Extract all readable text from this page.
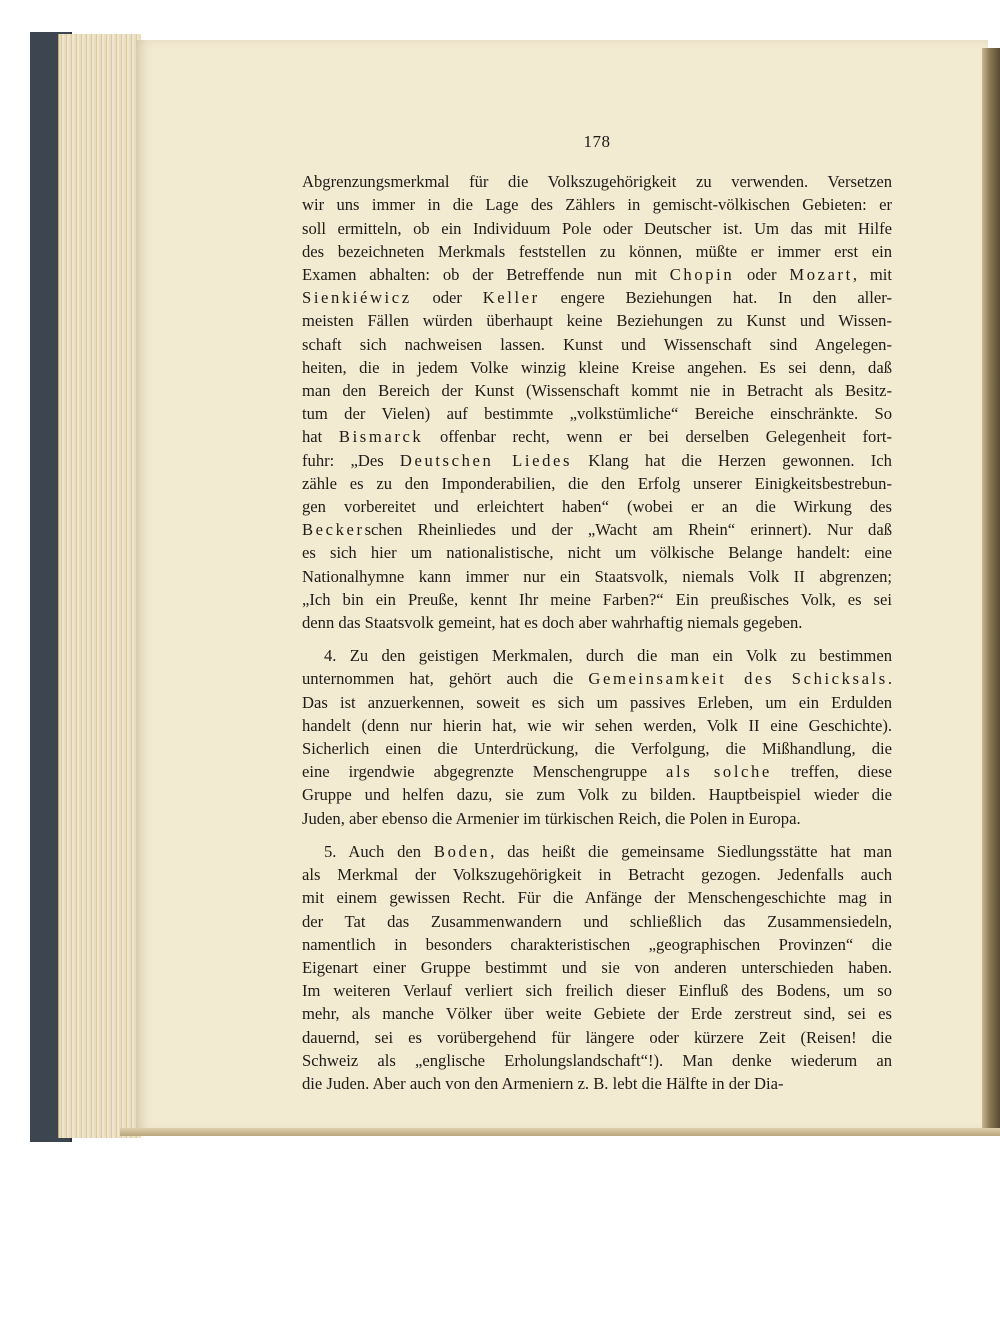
178
Abgrenzungsmerkmal für die Volkszugehörigkeit zu verwenden. Versetzen
wir uns immer in die Lage des Zählers in gemischt-völkischen Gebieten: er
soll ermitteln, ob ein Individuum Pole oder Deutscher ist. Um das mit Hilfe
des bezeichneten Merkmals feststellen zu können, müßte er immer erst ein
Examen abhalten: ob der Betreffende nun mit Chopin oder Mozart, mit
Sienkiéwicz oder Keller engere Beziehungen hat. In den aller-
meisten Fällen würden überhaupt keine Beziehungen zu Kunst und Wissen-
schaft sich nachweisen lassen. Kunst und Wissenschaft sind Angelegen-
heiten, die in jedem Volke winzig kleine Kreise angehen. Es sei denn, daß
man den Bereich der Kunst (Wissenschaft kommt nie in Betracht als Besitz-
tum der Vielen) auf bestimmte „volkstümliche“ Bereiche einschränkte. So
hat Bismarck offenbar recht, wenn er bei derselben Gelegenheit fort-
fuhr: „Des Deutschen Liedes Klang hat die Herzen gewonnen. Ich
zähle es zu den Imponderabilien, die den Erfolg unserer Einigkeitsbestrebun-
gen vorbereitet und erleichtert haben“ (wobei er an die Wirkung des
Beckerschen Rheinliedes und der „Wacht am Rhein“ erinnert). Nur daß
es sich hier um nationalistische, nicht um völkische Belange handelt: eine
Nationalhymne kann immer nur ein Staatsvolk, niemals Volk II abgrenzen;
„Ich bin ein Preuße, kennt Ihr meine Farben?“ Ein preußisches Volk, es sei
denn das Staatsvolk gemeint, hat es doch aber wahrhaftig niemals gegeben.
4. Zu den geistigen Merkmalen, durch die man ein Volk zu bestimmen
unternommen hat, gehört auch die Gemeinsamkeit des Schicksals.
Das ist anzuerkennen, soweit es sich um passives Erleben, um ein Erdulden
handelt (denn nur hierin hat, wie wir sehen werden, Volk II eine Geschichte).
Sicherlich einen die Unterdrückung, die Verfolgung, die Mißhandlung, die
eine irgendwie abgegrenzte Menschengruppe als solche treffen, diese
Gruppe und helfen dazu, sie zum Volk zu bilden. Hauptbeispiel wieder die
Juden, aber ebenso die Armenier im türkischen Reich, die Polen in Europa.
5. Auch den Boden, das heißt die gemeinsame Siedlungsstätte hat man
als Merkmal der Volkszugehörigkeit in Betracht gezogen. Jedenfalls auch
mit einem gewissen Recht. Für die Anfänge der Menschengeschichte mag in
der Tat das Zusammenwandern und schließlich das Zusammensiedeln,
namentlich in besonders charakteristischen „geographischen Provinzen“ die
Eigenart einer Gruppe bestimmt und sie von anderen unterschieden haben.
Im weiteren Verlauf verliert sich freilich dieser Einfluß des Bodens, um so
mehr, als manche Völker über weite Gebiete der Erde zerstreut sind, sei es
dauernd, sei es vorübergehend für längere oder kürzere Zeit (Reisen! die
Schweiz als „englische Erholungslandschaft“!). Man denke wiederum an
die Juden. Aber auch von den Armeniern z. B. lebt die Hälfte in der Dia-
